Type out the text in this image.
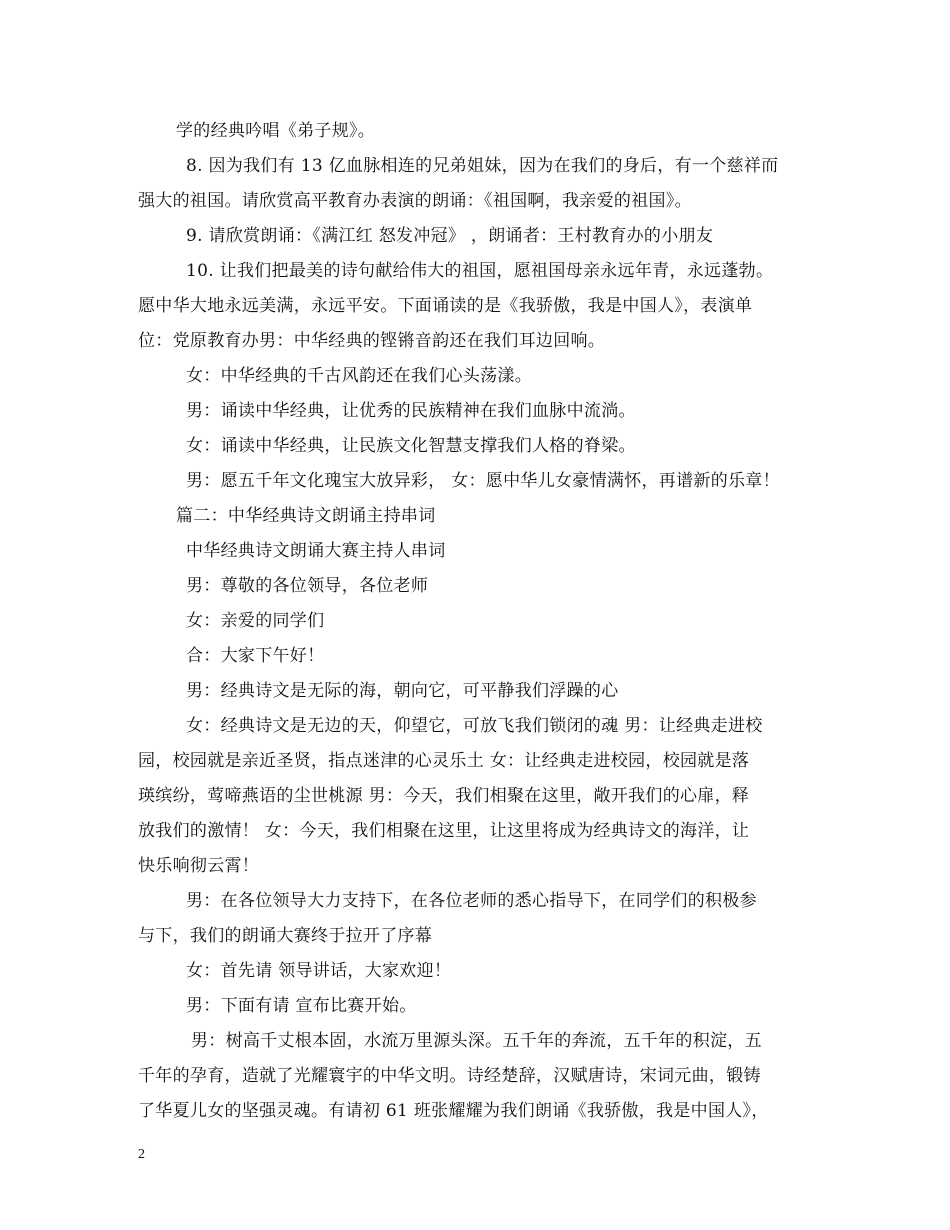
学的经典吟唱《弟子规》。
8. 因为我们有 13 亿血脉相连的兄弟姐妹，因为在我们的身后，有一个慈祥而
强大的祖国。请欣赏高平教育办表演的朗诵：《祖国啊，我亲爱的祖国》。
9. 请欣赏朗诵：《满江红 怒发冲冠》 ，朗诵者：王村教育办的小朋友
10. 让我们把最美的诗句献给伟大的祖国，愿祖国母亲永远年青，永远蓬勃。
愿中华大地永远美满，永远平安。下面诵读的是《我骄傲，我是中国人》，表演单
位：党原教育办男：中华经典的铿锵音韵还在我们耳边回响。
女：中华经典的千古风韵还在我们心头荡漾。
男：诵读中华经典，让优秀的民族精神在我们血脉中流淌。
女：诵读中华经典，让民族文化智慧支撑我们人格的脊梁。
男：愿五千年文化瑰宝大放异彩， 女：愿中华儿女豪情满怀，再谱新的乐章！
篇二：中华经典诗文朗诵主持串词
中华经典诗文朗诵大赛主持人串词
男：尊敬的各位领导，各位老师
女：亲爱的同学们
合：大家下午好！
男：经典诗文是无际的海，朝向它，可平静我们浮躁的心
女：经典诗文是无边的天，仰望它，可放飞我们锁闭的魂 男：让经典走进校
园，校园就是亲近圣贤，指点迷津的心灵乐土 女：让经典走进校园，校园就是落
瑛缤纷，莺啼燕语的尘世桃源 男：今天，我们相聚在这里，敞开我们的心扉，释
放我们的激情！ 女：今天，我们相聚在这里，让这里将成为经典诗文的海洋，让
快乐响彻云霄！
男：在各位领导大力支持下，在各位老师的悉心指导下，在同学们的积极参
与下，我们的朗诵大赛终于拉开了序幕
女：首先请 领导讲话，大家欢迎！
男：下面有请 宣布比赛开始。
男：树高千丈根本固，水流万里源头深。五千年的奔流，五千年的积淀，五
千年的孕育，造就了光耀寰宇的中华文明。诗经楚辞，汉赋唐诗，宋词元曲，锻铸
了华夏儿女的坚强灵魂。有请初 61 班张耀耀为我们朗诵《我骄傲，我是中国人》，
2
